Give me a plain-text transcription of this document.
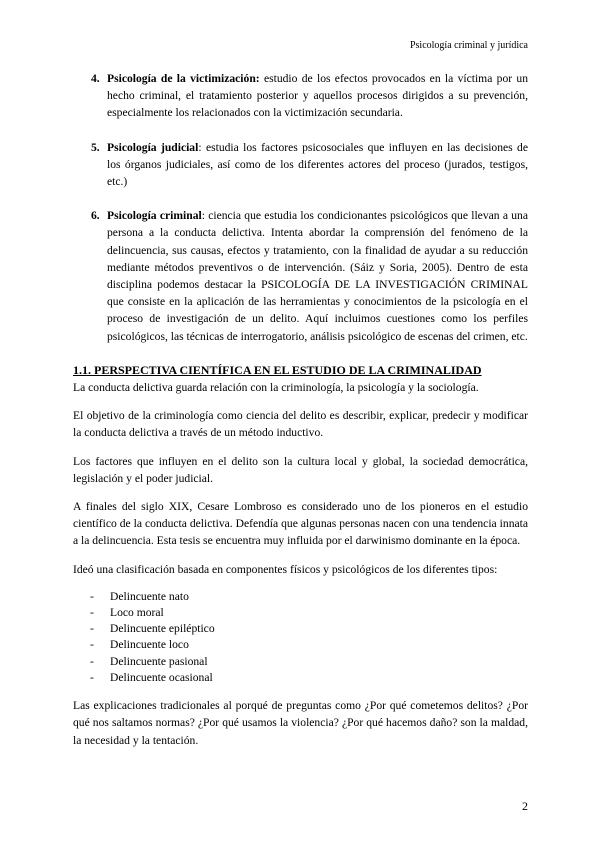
Psicología criminal y jurídica
4. Psicología de la victimización: estudio de los efectos provocados en la víctima por un hecho criminal, el tratamiento posterior y aquellos procesos dirigidos a su prevención, especialmente los relacionados con la victimización secundaria.
5. Psicología judicial: estudia los factores psicosociales que influyen en las decisiones de los órganos judiciales, así como de los diferentes actores del proceso (jurados, testigos, etc.)
6. Psicología criminal: ciencia que estudia los condicionantes psicológicos que llevan a una persona a la conducta delictiva. Intenta abordar la comprensión del fenómeno de la delincuencia, sus causas, efectos y tratamiento, con la finalidad de ayudar a su reducción mediante métodos preventivos o de intervención. (Sáiz y Soria, 2005). Dentro de esta disciplina podemos destacar la PSICOLOGÍA DE LA INVESTIGACIÓN CRIMINAL que consiste en la aplicación de las herramientas y conocimientos de la psicología en el proceso de investigación de un delito. Aquí incluimos cuestiones como los perfiles psicológicos, las técnicas de interrogatorio, análisis psicológico de escenas del crimen, etc.
1.1. PERSPECTIVA CIENTÍFICA EN EL ESTUDIO DE LA CRIMINALIDAD

La conducta delictiva guarda relación con la criminología, la psicología y la sociología.

El objetivo de la criminología como ciencia del delito es describir, explicar, predecir y modificar la conducta delictiva a través de un método inductivo.

Los factores que influyen en el delito son la cultura local y global, la sociedad democrática, legislación y el poder judicial.

A finales del siglo XIX, Cesare Lombroso es considerado uno de los pioneros en el estudio científico de la conducta delictiva. Defendía que algunas personas nacen con una tendencia innata a la delincuencia. Esta tesis se encuentra muy influida por el darwinismo dominante en la época.

Ideó una clasificación basada en componentes físicos y psicológicos de los diferentes tipos:

- Delincuente nato
- Loco moral
- Delincuente epiléptico
- Delincuente loco
- Delincuente pasional
- Delincuente ocasional

Las explicaciones tradicionales al porqué de preguntas como ¿Por qué cometemos delitos? ¿Por qué nos saltamos normas? ¿Por qué usamos la violencia? ¿Por qué hacemos daño? son la maldad, la necesidad y la tentación.

2
